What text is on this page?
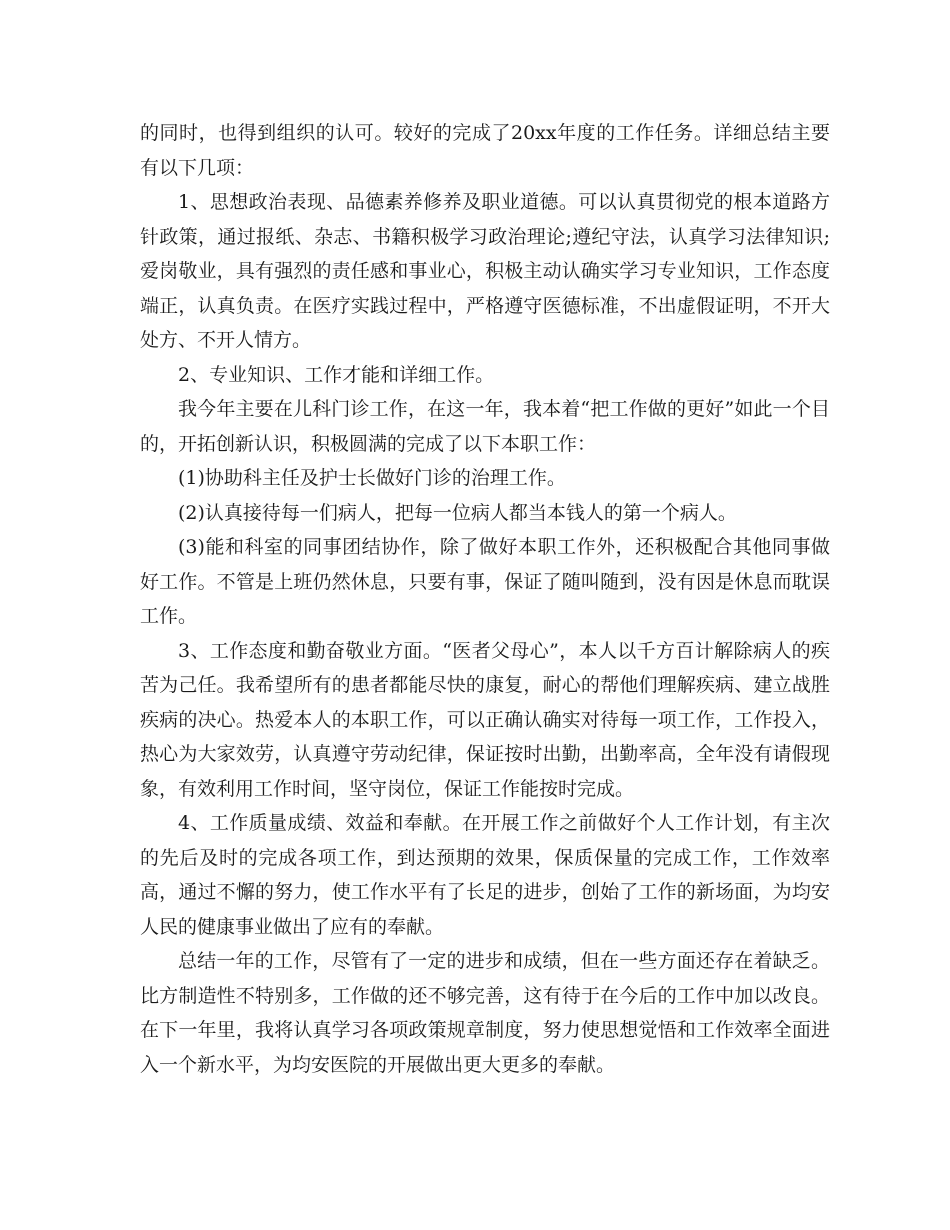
的同时，也得到组织的认可。较好的完成了20xx年度的工作任务。详细总结主要有以下几项：

1、思想政治表现、品德素养修养及职业道德。可以认真贯彻党的根本道路方针政策，通过报纸、杂志、书籍积极学习政治理论;遵纪守法，认真学习法律知识;爱岗敬业，具有强烈的责任感和事业心，积极主动认确实学习专业知识，工作态度端正，认真负责。在医疗实践过程中，严格遵守医德标准，不出虚假证明，不开大处方、不开人情方。

2、专业知识、工作才能和详细工作。

我今年主要在儿科门诊工作，在这一年，我本着“把工作做的更好”如此一个目的，开拓创新认识，积极圆满的完成了以下本职工作：

(1)协助科主任及护士长做好门诊的治理工作。

(2)认真接待每一们病人，把每一位病人都当本钱人的第一个病人。

(3)能和科室的同事团结协作，除了做好本职工作外，还积极配合其他同事做好工作。不管是上班仍然休息，只要有事，保证了随叫随到，没有因是休息而耽误工作。

3、工作态度和勤奋敬业方面。“医者父母心”，本人以千方百计解除病人的疾苦为己任。我希望所有的患者都能尽快的康复，耐心的帮他们理解疾病、建立战胜疾病的决心。热爱本人的本职工作，可以正确认确实对待每一项工作，工作投入，热心为大家效劳，认真遵守劳动纪律，保证按时出勤，出勤率高，全年没有请假现象，有效利用工作时间，坚守岗位，保证工作能按时完成。

4、工作质量成绩、效益和奉献。在开展工作之前做好个人工作计划，有主次的先后及时的完成各项工作，到达预期的效果，保质保量的完成工作，工作效率高，通过不懈的努力，使工作水平有了长足的进步，创始了工作的新场面，为均安人民的健康事业做出了应有的奉献。

总结一年的工作，尽管有了一定的进步和成绩，但在一些方面还存在着缺乏。比方制造性不特别多，工作做的还不够完善，这有待于在今后的工作中加以改良。在下一年里，我将认真学习各项政策规章制度，努力使思想觉悟和工作效率全面进入一个新水平，为均安医院的开展做出更大更多的奉献。
